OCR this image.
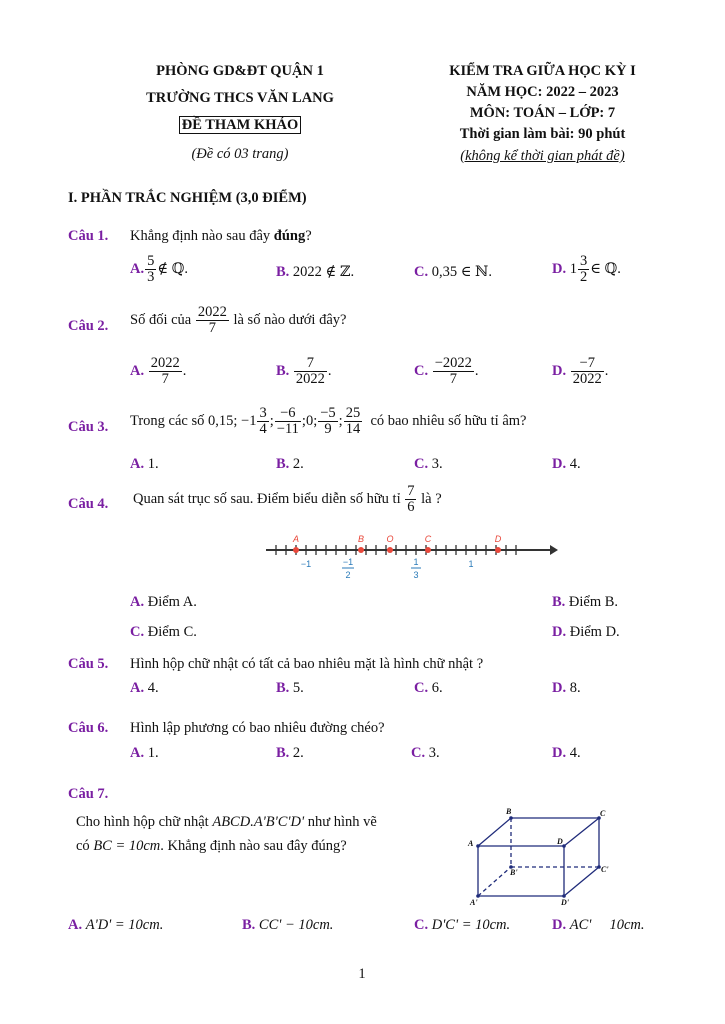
PHÒNG GD&ĐT QUẬN 1
TRƯỜNG THCS VĂN LANG
ĐỀ THAM KHẢO
(Đề có 03 trang)
KIỂM TRA GIỮA HỌC KỲ I
NĂM HỌC: 2022 – 2023
MÔN: TOÁN – LỚP: 7
Thời gian làm bài: 90 phút
(không kể thời gian phát đề)
I. PHẦN TRẮC NGHIỆM (3,0 ĐIỂM)
Câu 1. Khẳng định nào sau đây đúng?
A. $\frac{5}{3}$ ∉ ℚ.	B.
2022 ∉ ℤ.	C.
0,35 ∈ ℕ.	D.
$1 \frac{3}{2}$ ∈ ℚ.
Câu 2. Số đối của
$\frac{2022}{7}$
là số nào dưới đây?
A.
$\frac{2022}{7}$ .	B.
$\frac{7}{2022}$ .	C.
$\frac{-2022}{7}$ .	D.
$\frac{-7}{2022}$ .
Câu 3. Trong các số
0,15; $-1 \frac{3}{4}$ ; $\frac{-6}{-11}$ ; 0; $\frac{-5}{9}$ ; $\frac{25}{14}$
có bao nhiêu số hữu tỉ âm?
A. 1.	B. 2.	C. 3.	D. 4.
Câu 4. Quan sát trục số sau. Điểm biểu diễn số hữu tỉ
$\frac{7}{6}$
là ?
A	B O	C	D
−1	−1
2
1
3
1
A. Điểm A.	B. Điểm B.
C. Điểm C.	D. Điểm D.
Câu 5. Hình hộp chữ nhật có tất cả bao nhiêu mặt là hình chữ nhật ?
A. 4.	B. 5.	C. 6.	D. 8.
Câu 6. Hình lập phương có bao nhiêu đường chéo?
A. 1.	B. 2.	C. 3.	D. 4.
Câu 7.
Cho hình hộp chữ nhật ABCD.A'B'C'D' như hình vẽ
có BC = 10cm. Khẳng định nào sau đây đúng?
B	C
A	D
B'	C'
A'	D'
A. A'D' = 10cm.	B. CC' − 10cm.	C. D'C' = 10cm.	D. AC'     10cm.
1
